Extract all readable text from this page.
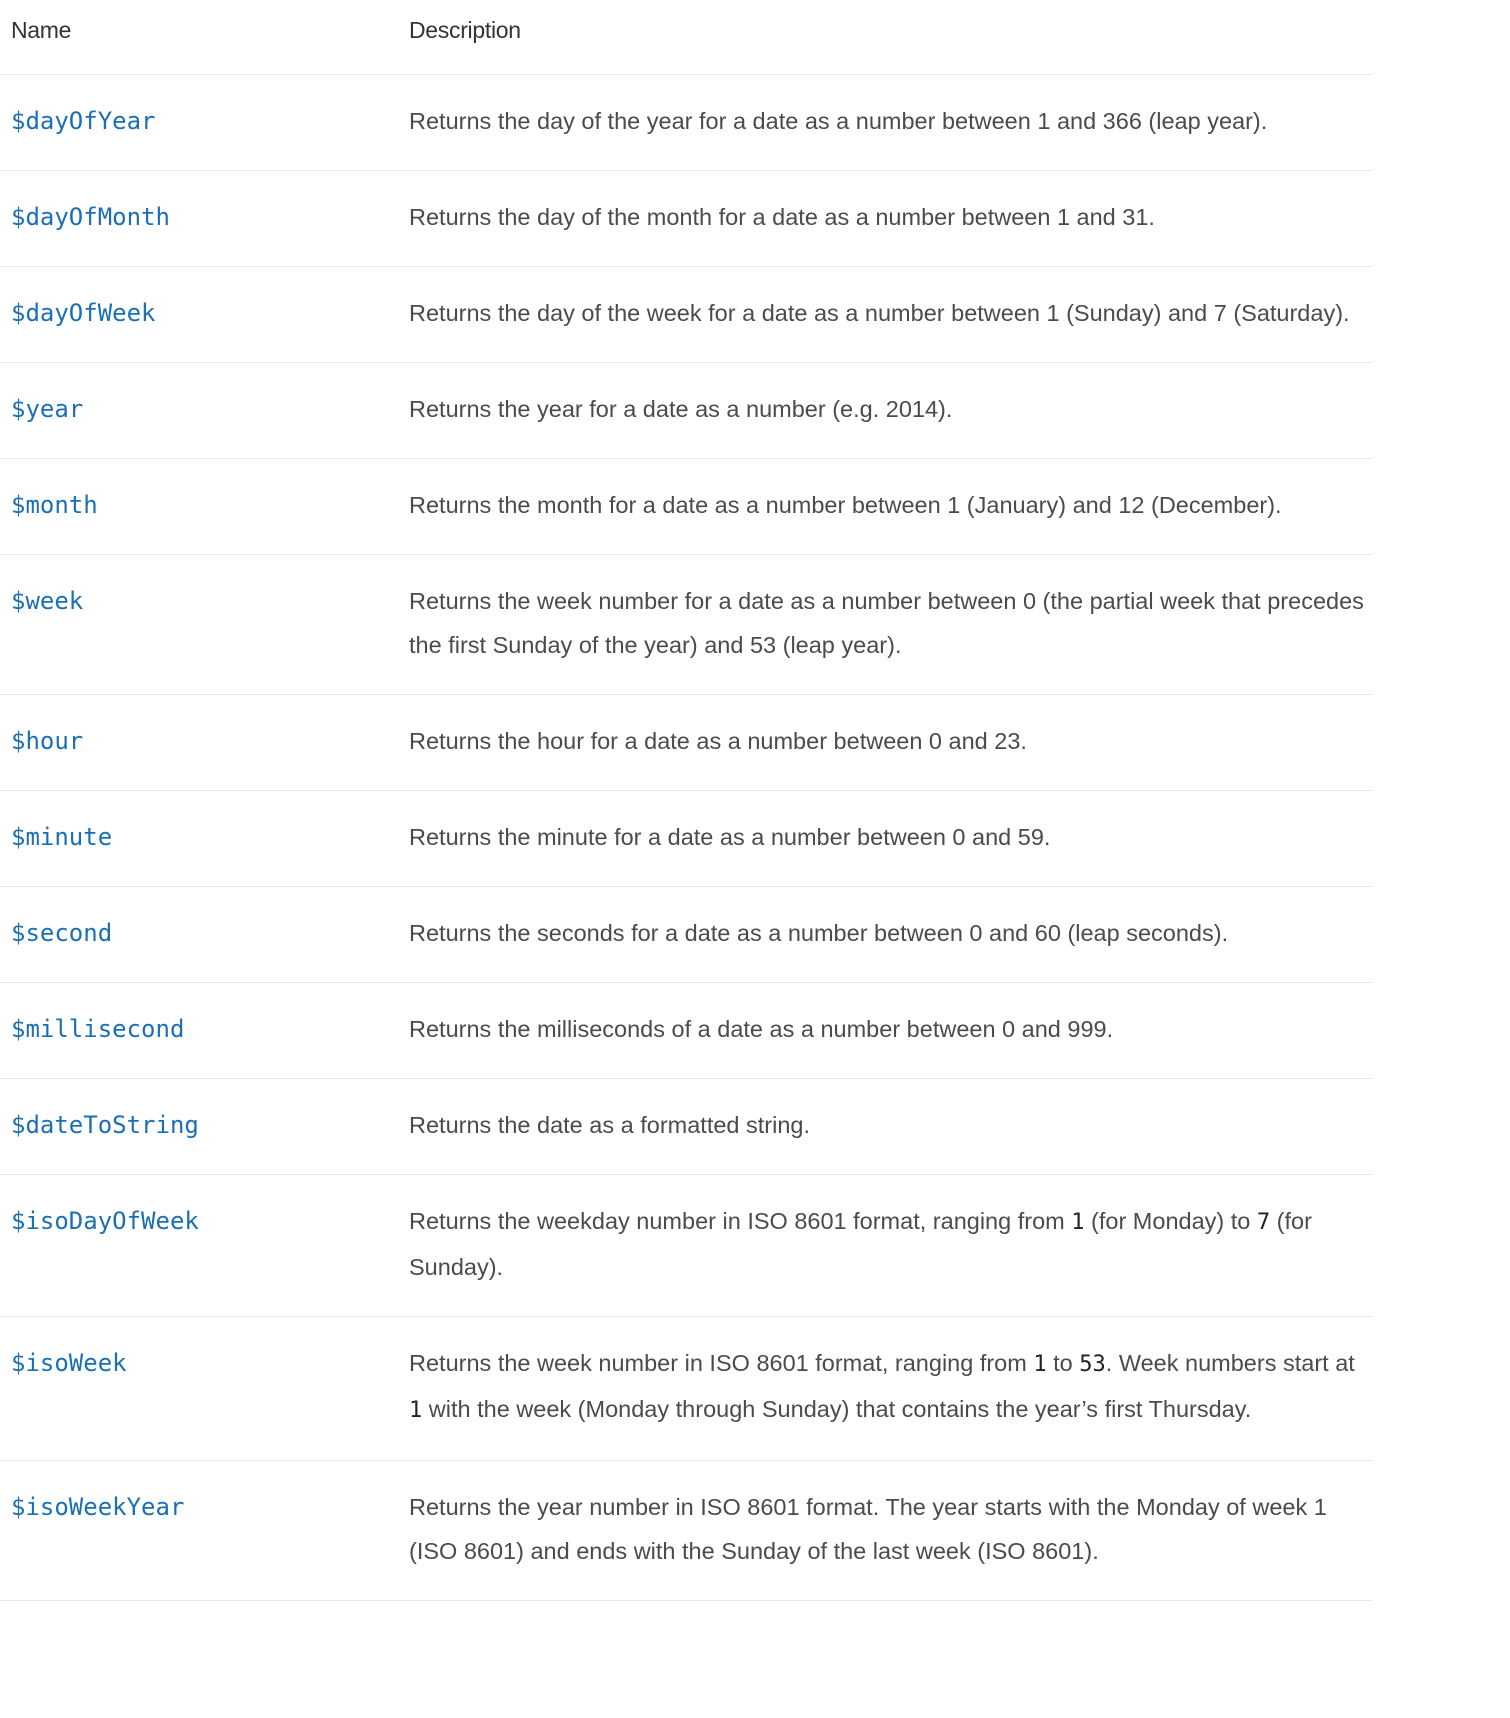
Name	Description
$dayOfYear	Returns the day of the year for a date as a number between 1 and 366 (leap year).
$dayOfMonth	Returns the day of the month for a date as a number between 1 and 31.
$dayOfWeek	Returns the day of the week for a date as a number between 1 (Sunday) and 7 (Saturday).
$year	Returns the year for a date as a number (e.g. 2014).
$month	Returns the month for a date as a number between 1 (January) and 12 (December).
$week	Returns the week number for a date as a number between 0 (the partial week that precedes the first Sunday of the year) and 53 (leap year).
$hour	Returns the hour for a date as a number between 0 and 23.
$minute	Returns the minute for a date as a number between 0 and 59.
$second	Returns the seconds for a date as a number between 0 and 60 (leap seconds).
$millisecond	Returns the milliseconds of a date as a number between 0 and 999.
$dateToString	Returns the date as a formatted string.
$isoDayOfWeek	Returns the weekday number in ISO 8601 format, ranging from 1 (for Monday) to 7 (for Sunday).
$isoWeek	Returns the week number in ISO 8601 format, ranging from 1 to 53. Week numbers start at 1 with the week (Monday through Sunday) that contains the year’s first Thursday.
$isoWeekYear	Returns the year number in ISO 8601 format. The year starts with the Monday of week 1 (ISO 8601) and ends with the Sunday of the last week (ISO 8601).
